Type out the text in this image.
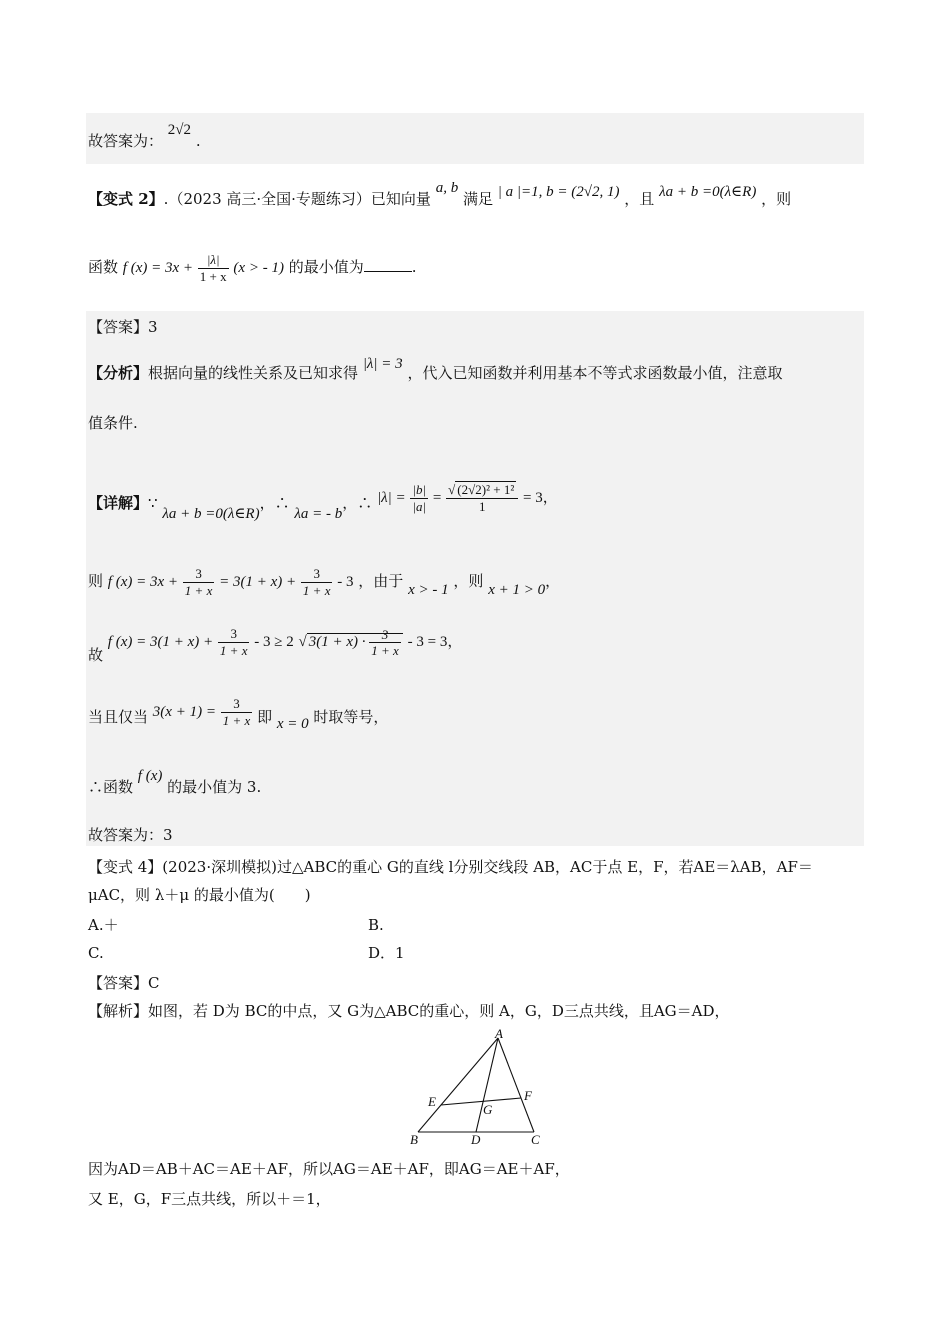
故答案为： 2√2 .
【变式 2】.（2023 高三·全国·专题练习）已知向量 a, b 满足 | a |=1, b = (2√2, 1) ，且 λa + b =0(λ∈R) ，则
函数 f $(x) = 3x + \frac{|\lambda|}{1 + x} (x$ > - 1) 的最小值为	.
【答案】3
【分析】根据向量的线性关系及已知求得 |λ| = 3 ，代入已知函数并利用基本不等式求函数最小值，注意取
值条件.
【详解】∵ λa + b =0(λ∈R)，∴ λa = - b，∴ $|\lambda| = \frac{|b|}{|a|} = \frac{\text{√ (2√2)² + 1²}}{1} = 3$，
则 f $(x) = 3x + \frac{3}{1 + x} = 3(1 + x) + \frac{3}{1 + x} - 3$ ，由于 x > - 1 ，则 x + 1 > 0，
故 f $(x) = 3(1 + x) + \frac{3}{1 + x} - 3 \ge 2$ √ $3(1 + x) \cdot \frac{3}{1 + x} - 3 = 3$，
当且仅当 $3(x + 1) = \frac{3}{1 + x}$ 即 x = 0 时取等号，
∴函数 f (x) 的最小值为 3.
故答案为：3
【变式 4】(2023·深圳模拟)过△ABC的重心 G的直线 l分别交线段 AB，AC于点 E，F，若AE＝λAB，AF＝
μAC，则 λ＋μ 的最小值为(　　)
A.＋	B.
C.	D．1
【答案】C
【解析】如图，若 D为 BC的中点，又 G为△ABC的重心，则 A，G，D三点共线，且AG＝AD，
A
B	C
D
E	F
G
因为AD＝AB＋AC＝AE＋AF，所以AG＝AE＋AF，即AG＝AE＋AF，
又 E，G，F三点共线，所以＋＝1，
